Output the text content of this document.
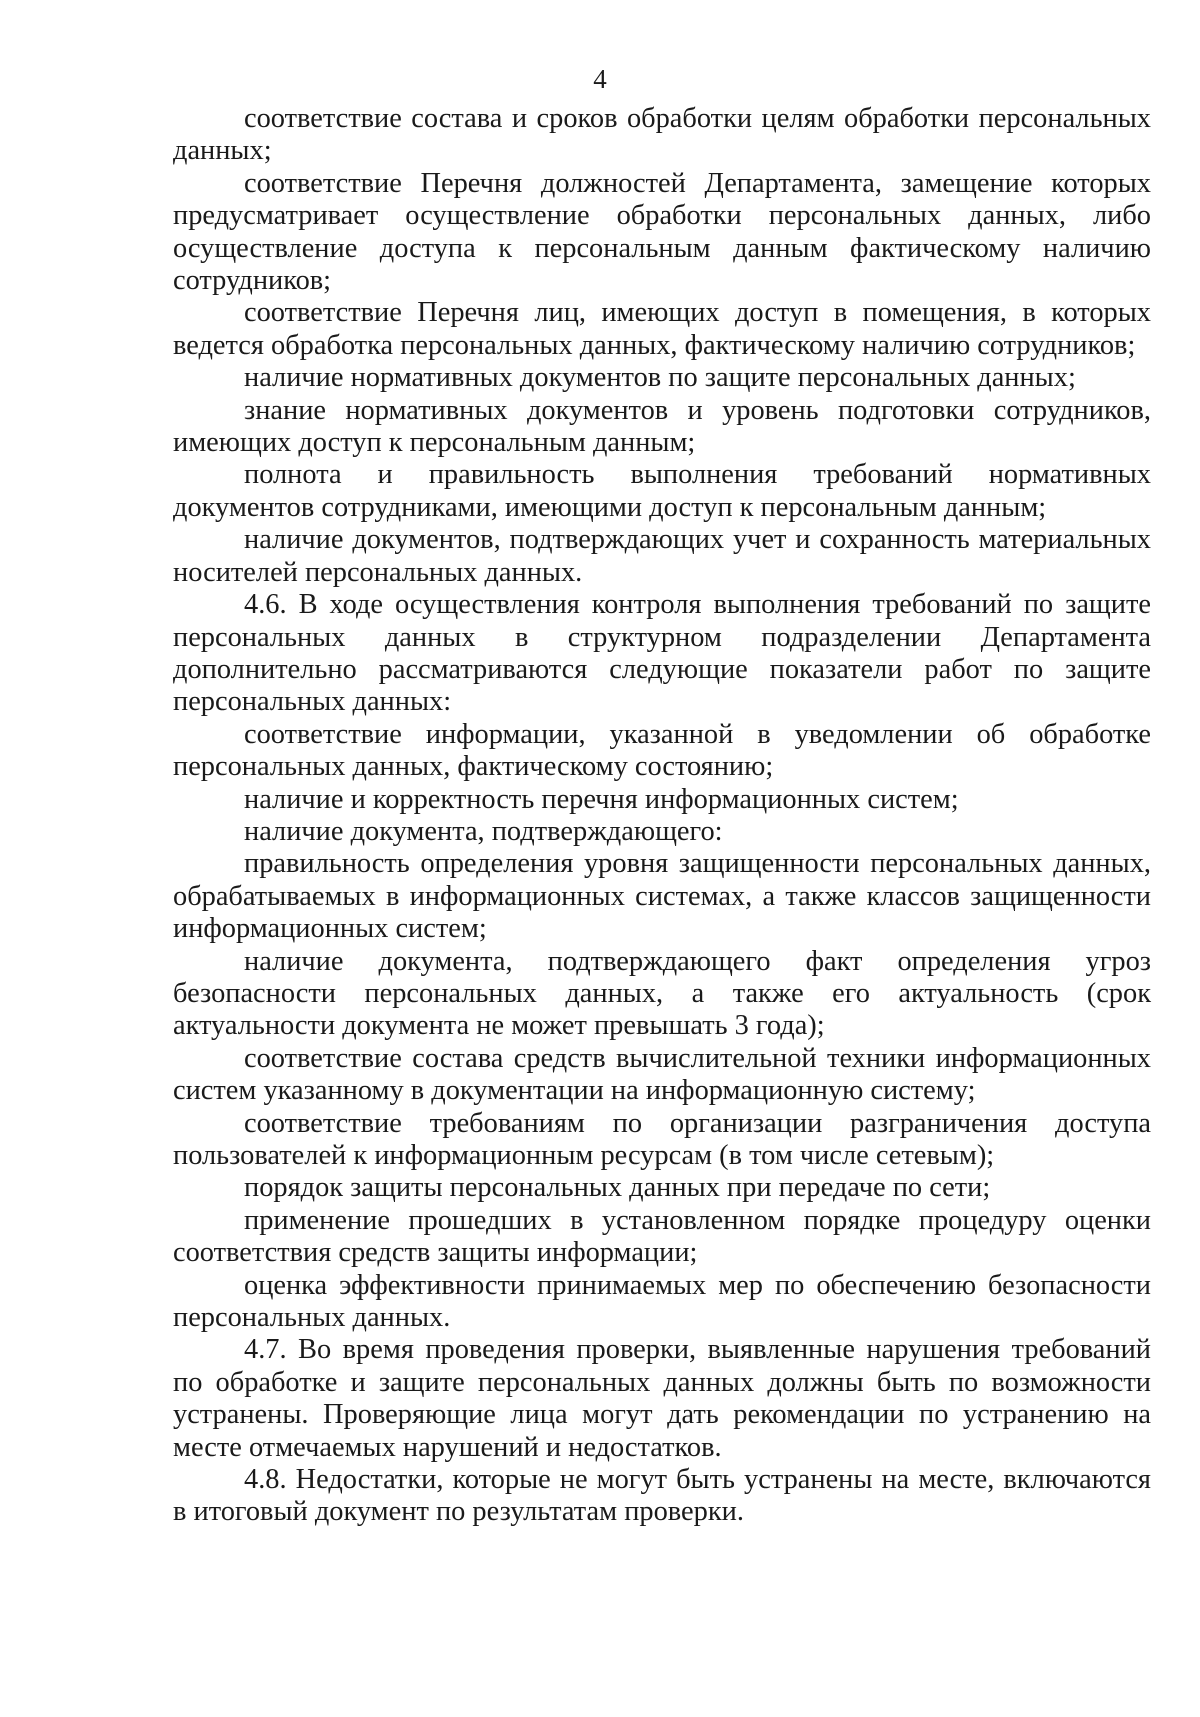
4

соответствие состава и сроков обработки целям обработки персональных данных;

соответствие Перечня должностей Департамента, замещение которых предусматривает осуществление обработки персональных данных, либо осуществление доступа к персональным данным фактическому наличию сотрудников;

соответствие Перечня лиц, имеющих доступ в помещения, в которых ведется обработка персональных данных, фактическому наличию сотрудников;

наличие нормативных документов по защите персональных данных;

знание нормативных документов и уровень подготовки сотрудников, имеющих доступ к персональным данным;

полнота и правильность выполнения требований нормативных документов сотрудниками, имеющими доступ к персональным данным;

наличие документов, подтверждающих учет и сохранность материальных носителей персональных данных.

4.6. В ходе осуществления контроля выполнения требований по защите персональных данных в структурном подразделении Департамента дополнительно рассматриваются следующие показатели работ по защите персональных данных:

соответствие информации, указанной в уведомлении об обработке персональных данных, фактическому состоянию;

наличие и корректность перечня информационных систем;

наличие документа, подтверждающего:

правильность определения уровня защищенности персональных данных, обрабатываемых в информационных системах, а также классов защищенности информационных систем;

наличие документа, подтверждающего факт определения угроз безопасности персональных данных, а также его актуальность (срок актуальности документа не может превышать 3 года);

соответствие состава средств вычислительной техники информационных систем указанному в документации на информационную систему;

соответствие требованиям по организации разграничения доступа пользователей к информационным ресурсам (в том числе сетевым);

порядок защиты персональных данных при передаче по сети;

применение прошедших в установленном порядке процедуру оценки соответствия средств защиты информации;

оценка эффективности принимаемых мер по обеспечению безопасности персональных данных.

4.7. Во время проведения проверки, выявленные нарушения требований по обработке и защите персональных данных должны быть по возможности устранены. Проверяющие лица могут дать рекомендации по устранению на месте отмечаемых нарушений и недостатков.

4.8. Недостатки, которые не могут быть устранены на месте, включаются в итоговый документ по результатам проверки.
